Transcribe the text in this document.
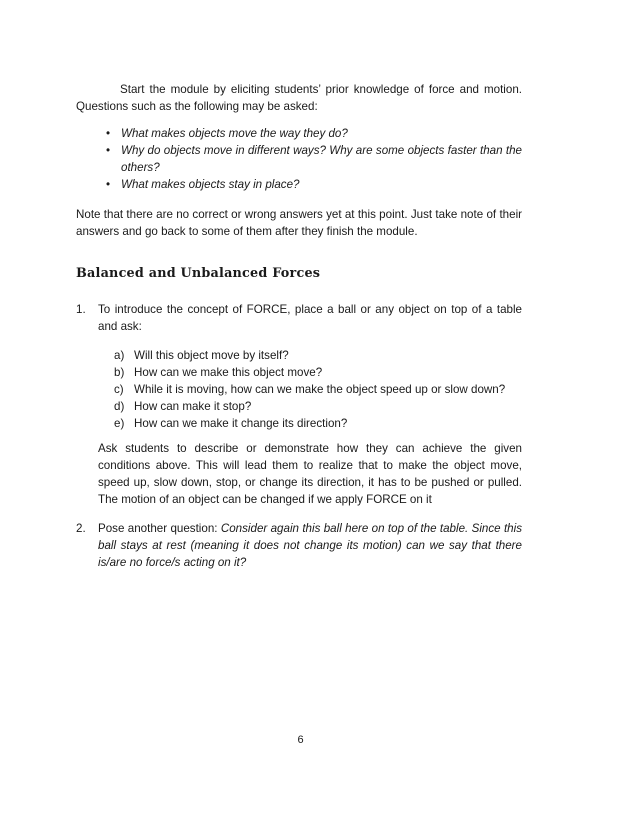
Start the module by eliciting students’ prior knowledge of force and motion. Questions such as the following may be asked:

• What makes objects move the way they do?
• Why do objects move in different ways? Why are some objects faster than the others?
• What makes objects stay in place?

Note that there are no correct or wrong answers yet at this point. Just take note of their answers and go back to some of them after they finish the module.

Balanced and Unbalanced Forces
1. To introduce the concept of FORCE, place a ball or any object on top of a table and ask:
a) Will this object move by itself?
b) How can we make this object move?
c) While it is moving, how can we make the object speed up or slow down?
d) How can make it stop?
e) How can we make it change its direction?

Ask students to describe or demonstrate how they can achieve the given conditions above. This will lead them to realize that to make the object move, speed up, slow down, stop, or change its direction, it has to be pushed or pulled. The motion of an object can be changed if we apply FORCE on it

2. Pose another question: Consider again this ball here on top of the table. Since this ball stays at rest (meaning it does not change its motion) can we say that there is/are no force/s acting on it?
6
